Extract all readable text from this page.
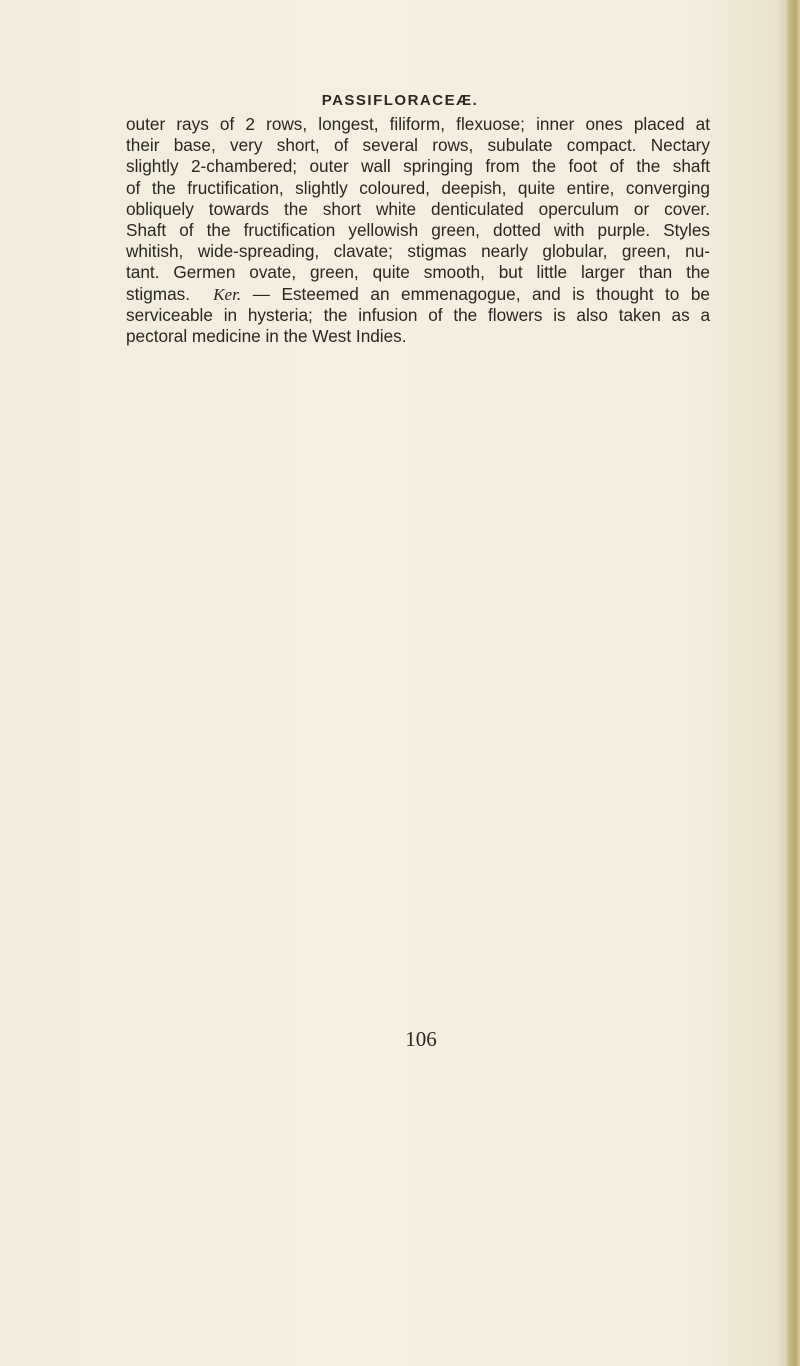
PASSIFLORACEÆ.
outer rays of 2 rows, longest, filiform, flexuose; inner ones placed at
their base, very short, of several rows, subulate compact. Nectary
slightly 2-chambered; outer wall springing from the foot of the shaft
of the fructification, slightly coloured, deepish, quite entire, converging
obliquely towards the short white denticulated operculum or cover.
Shaft of the fructification yellowish green, dotted with purple. Styles
whitish, wide-spreading, clavate; stigmas nearly globular, green, nu-
tant. Germen ovate, green, quite smooth, but little larger than the
stigmas. Ker. — Esteemed an emmenagogue, and is thought to be
serviceable in hysteria; the infusion of the flowers is also taken as a
pectoral medicine in the West Indies.
106
